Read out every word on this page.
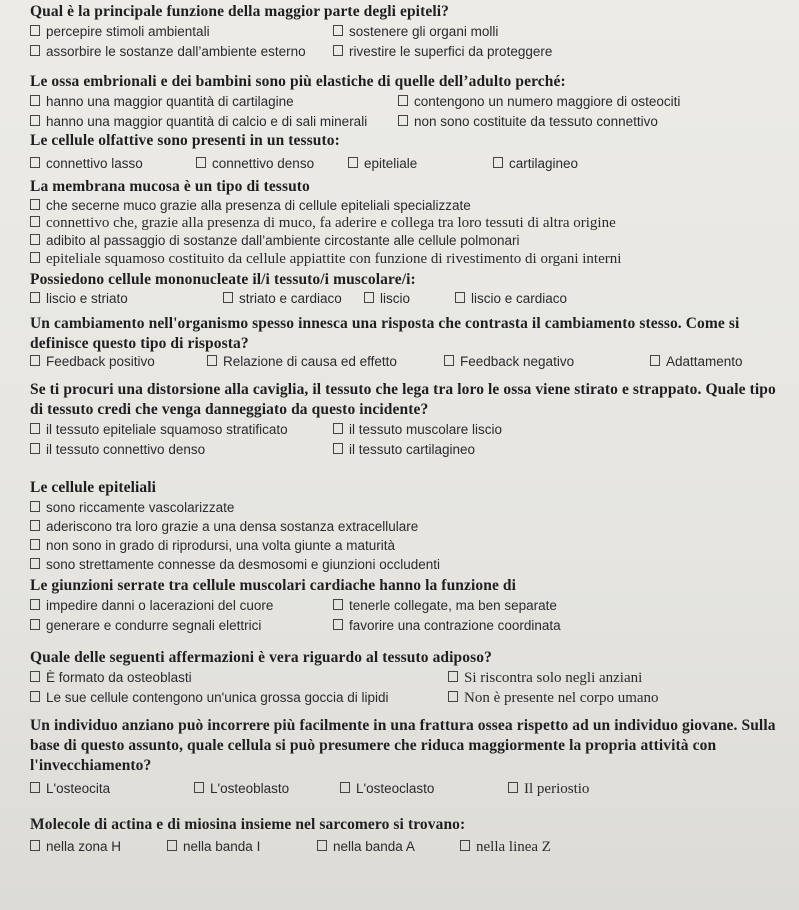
Qual è la principale funzione della maggior parte degli epiteli?

percepire stimoli ambientali	sostenere gli organi molli
assorbire le sostanze dall’ambiente esterno	rivestire le superfici da proteggere

Le ossa embrionali e dei bambini sono più elastiche di quelle dell’adulto perché:

hanno una maggior quantità di cartilagine	contengono un numero maggiore di osteociti
hanno una maggior quantità di calcio e di sali minerali	non sono costituite da tessuto connettivo

Le cellule olfattive sono presenti in un tessuto:

connettivo lasso	connettivo denso	epiteliale	cartilagineo

La membrana mucosa è un tipo di tessuto

che secerne muco grazie alla presenza di cellule epiteliali specializzate
connettivo che, grazie alla presenza di muco, fa aderire e collega tra loro tessuti di altra origine
adibito al passaggio di sostanze dall’ambiente circostante alle cellule polmonari
epiteliale squamoso costituito da cellule appiattite con funzione di rivestimento di organi interni

Possiedono cellule mononucleate il/i tessuto/i muscolare/i:

liscio e striato	striato e cardiaco	liscio	liscio e cardiaco

Un cambiamento nell'organismo spesso innesca una risposta che contrasta il cambiamento stesso. Come si definisce questo tipo di risposta?

Feedback positivo	Relazione di causa ed effetto	Feedback negativo	Adattamento

Se ti procuri una distorsione alla caviglia, il tessuto che lega tra loro le ossa viene stirato e strappato. Quale tipo di tessuto credi che venga danneggiato da questo incidente?

il tessuto epiteliale squamoso stratificato	il tessuto muscolare liscio
il tessuto connettivo denso	il tessuto cartilagineo

Le cellule epiteliali

sono riccamente vascolarizzate
aderiscono tra loro grazie a una densa sostanza extracellulare
non sono in grado di riprodursi, una volta giunte a maturità
sono strettamente connesse da desmosomi e giunzioni occludenti

Le giunzioni serrate tra cellule muscolari cardiache hanno la funzione di

impedire danni o lacerazioni del cuore	tenerle collegate, ma ben separate
generare e condurre segnali elettrici	favorire una contrazione coordinata

Quale delle seguenti affermazioni è vera riguardo al tessuto adiposo?

È formato da osteoblasti	Si riscontra solo negli anziani
Le sue cellule contengono un'unica grossa goccia di lipidi	Non è presente nel corpo umano

Un individuo anziano può incorrere più facilmente in una frattura ossea rispetto ad un individuo giovane. Sulla base di questo assunto, quale cellula si può presumere che riduca maggiormente la propria attività con l'invecchiamento?

L'osteocita	L'osteoblasto	L'osteoclasto	Il periostio

Molecole di actina e di miosina insieme nel sarcomero si trovano:

nella zona H	nella banda I	nella banda A	nella linea Z
